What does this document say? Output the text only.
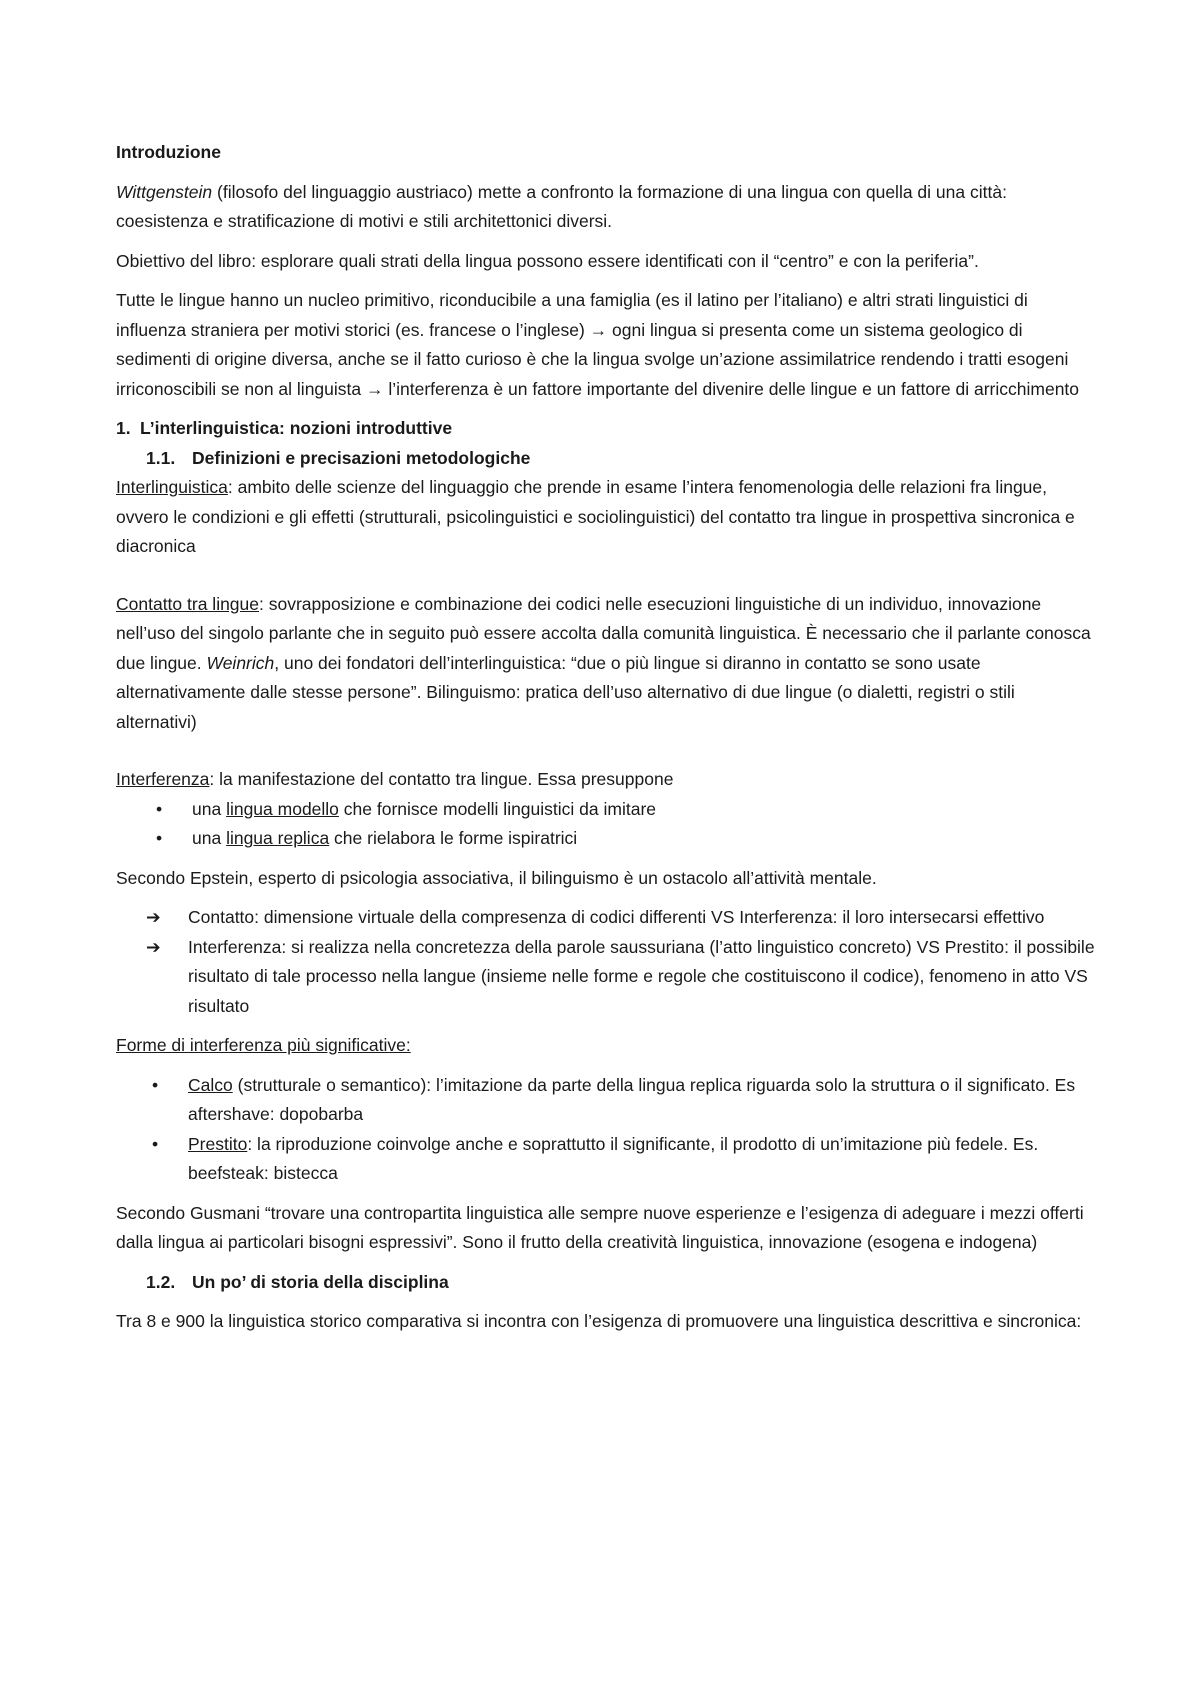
Introduzione

Wittgenstein (filosofo del linguaggio austriaco) mette a confronto la formazione di una lingua con quella di una città: coesistenza e stratificazione di motivi e stili architettonici diversi.

Obiettivo del libro: esplorare quali strati della lingua possono essere identificati con il “centro” e con la periferia”.

Tutte le lingue hanno un nucleo primitivo, riconducibile a una famiglia (es il latino per l’italiano) e altri strati linguistici di influenza straniera per motivi storici (es. francese o l’inglese) → ogni lingua si presenta come un sistema geologico di sedimenti di origine diversa, anche se il fatto curioso è che la lingua svolge un’azione assimilatrice rendendo i tratti esogeni irriconoscibili se non al linguista → l’interferenza è un fattore importante del divenire delle lingue e un fattore di arricchimento

1. L’interlinguistica: nozioni introduttive

1.1. Definizioni e precisazioni metodologiche

Interlinguistica: ambito delle scienze del linguaggio che prende in esame l’intera fenomenologia delle relazioni fra lingue, ovvero le condizioni e gli effetti (strutturali, psicolinguistici e sociolinguistici) del contatto tra lingue in prospettiva sincronica e diacronica

Contatto tra lingue: sovrapposizione e combinazione dei codici nelle esecuzioni linguistiche di un individuo, innovazione nell’uso del singolo parlante che in seguito può essere accolta dalla comunità linguistica. È necessario che il parlante conosca due lingue. Weinrich, uno dei fondatori dell’interlinguistica: “due o più lingue si diranno in contatto se sono usate alternativamente dalle stesse persone”. Bilinguismo: pratica dell’uso alternativo di due lingue (o dialetti, registri o stili alternativi)

Interferenza: la manifestazione del contatto tra lingue. Essa presuppone

• una lingua modello che fornisce modelli linguistici da imitare
• una lingua replica che rielabora le forme ispiratrici

Secondo Epstein, esperto di psicologia associativa, il bilinguismo è un ostacolo all’attività mentale.

➔ Contatto: dimensione virtuale della compresenza di codici differenti VS Interferenza: il loro intersecarsi effettivo
➔ Interferenza: si realizza nella concretezza della parole saussuriana (l’atto linguistico concreto) VS Prestito: il possibile risultato di tale processo nella langue (insieme nelle forme e regole che costituiscono il codice), fenomeno in atto VS risultato

Forme di interferenza più significative:

• Calco (strutturale o semantico): l’imitazione da parte della lingua replica riguarda solo la struttura o il significato. Es aftershave: dopobarba
• Prestito: la riproduzione coinvolge anche e soprattutto il significante, il prodotto di un’imitazione più fedele. Es. beefsteak: bistecca

Secondo Gusmani “trovare una contropartita linguistica alle sempre nuove esperienze e l’esigenza di adeguare i mezzi offerti dalla lingua ai particolari bisogni espressivi”. Sono il frutto della creatività linguistica, innovazione (esogena e indogena)

1.2. Un po’ di storia della disciplina

Tra 8 e 900 la linguistica storico comparativa si incontra con l’esigenza di promuovere una linguistica descrittiva e sincronica:
